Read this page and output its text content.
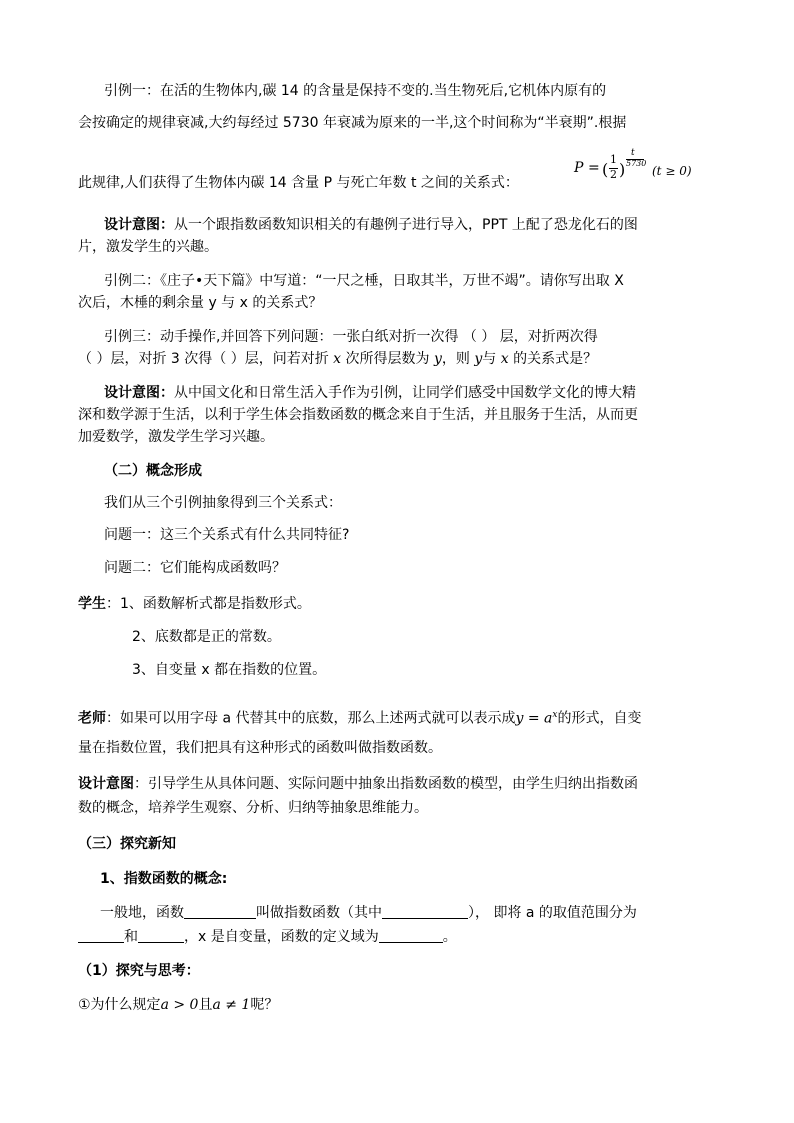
引例一：在活的生物体内,碳 14 的含量是保持不变的.当生物死后,它机体内原有的
会按确定的规律衰减,大约每经过 5730 年衰减为原来的一半,这个时间称为“半衰期”.根据
此规律,人们获得了生物体内碳 14 含量 P 与死亡年数 t 之间的关系式：
P = (
1
2 )
t
5730
(t ≥ 0)
设计意图：从一个跟指数函数知识相关的有趣例子进行导入，PPT 上配了恐龙化石的图
片，激发学生的兴趣。
引例二：《庄子•天下篇》中写道：“一尺之棰，日取其半，万世不竭”。请你写出取 X
次后，木棰的剩余量 y 与 x 的关系式？
引例三：动手操作,并回答下列问题：一张白纸对折一次得 （ ） 层，对折两次得
（ ）层，对折 3 次得（ ）层，问若对折 x 次所得层数为 y，则 y与 x 的关系式是？
设计意图：从中国文化和日常生活入手作为引例，让同学们感受中国数学文化的博大精
深和数学源于生活，以利于学生体会指数函数的概念来自于生活，并且服务于生活，从而更
加爱数学，激发学生学习兴趣。
（二）概念形成
我们从三个引例抽象得到三个关系式：
问题一：这三个关系式有什么共同特征?
问题二：它们能构成函数吗？
学生：1、函数解析式都是指数形式。
2、底数都是正的常数。
3、自变量 x 都在指数的位置。
老师：如果可以用字母 a 代替其中的底数，那么上述两式就可以表示成$y = a^x$的形式，自变
量在指数位置，我们把具有这种形式的函数叫做指数函数。
设计意图：引导学生从具体问题、实际问题中抽象出指数函数的模型，由学生归纳出指数函
数的概念，培养学生观察、分析、归纳等抽象思维能力。
（三）探究新知
1、指数函数的概念:
一般地，函数	叫做指数函数（其中	）， 即将 a 的取值范围分为
和	，x 是自变量，函数的定义域为	。
（1）探究与思考：
①为什么规定a > 0且a ≠ 1呢？
